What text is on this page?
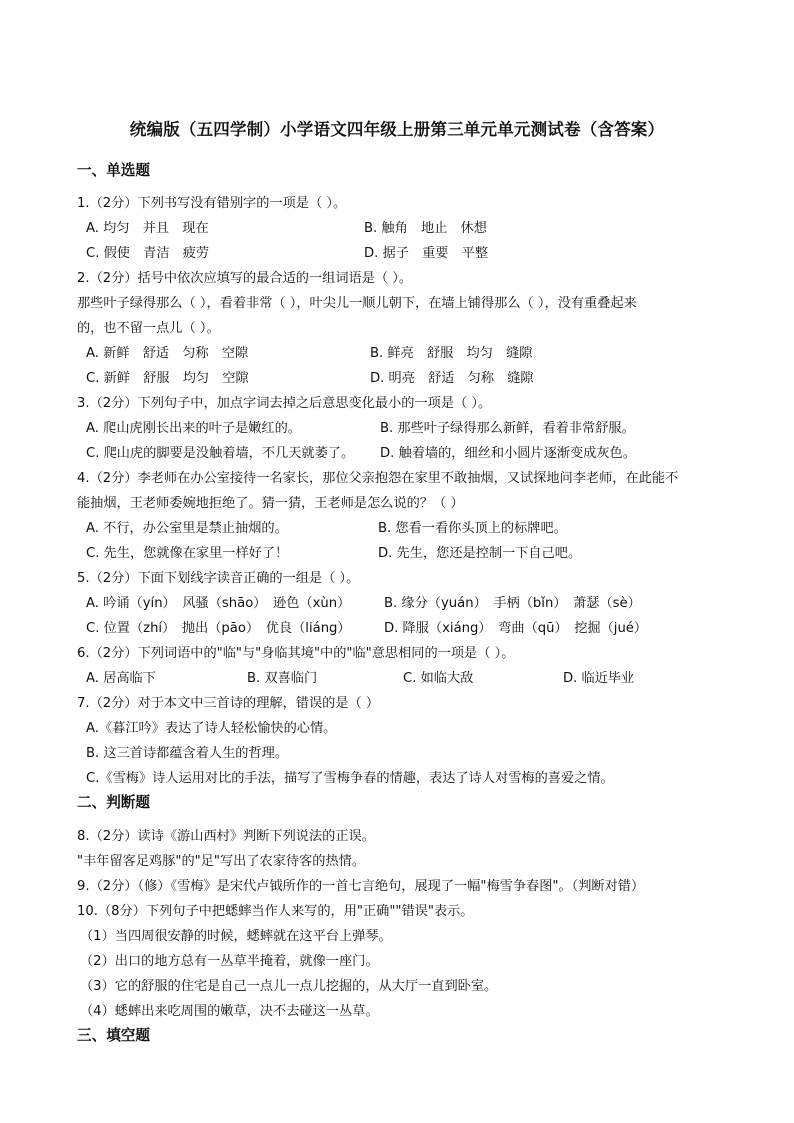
统编版（五四学制）小学语文四年级上册第三单元单元测试卷（含答案）
一、单选题
1.（2分）下列书写没有错别字的一项是（ ）。
A. 均匀　并且　现在	B. 触角　地止　休想
C. 假使　青洁　疲劳	D. 据子　重要　平整
2.（2分）括号中依次应填写的最合适的一组词语是（ ）。
那些叶子绿得那么（ ），看着非常（ ），叶尖儿一顺儿朝下，在墙上铺得那么（ ），没有重叠起来
的，也不留一点儿（ ）。
A. 新鲜　舒适　匀称　空隙	B. 鲜亮　舒服　均匀　缝隙
C. 新鲜　舒服　均匀　空隙	D. 明亮　舒适　匀称　缝隙
3.（2分）下列句子中，加点字词去掉之后意思变化最小的一项是（ ）。
A. 爬山虎刚长出来的叶子是嫩红的。	B. 那些叶子绿得那么新鲜，看着非常舒服。
C. 爬山虎的脚要是没触着墙，不几天就萎了。 D. 触着墙的，细丝和小圆片逐渐变成灰色。
4.（2分）李老师在办公室接待一名家长，那位父亲抱怨在家里不敢抽烟，又试探地问李老师，在此能不
能抽烟，王老师委婉地拒绝了。猜一猜，王老师是怎么说的？（ ）
A. 不行，办公室里是禁止抽烟的。	B. 您看一看你头顶上的标牌吧。
C. 先生，您就像在家里一样好了！	D. 先生，您还是控制一下自己吧。
5.（2分）下面下划线字读音正确的一组是（ ）。
A. 吟诵（yín）　风骚（shāo）　逊色（xùn）	B. 缘分（yuán）　手柄（bǐn）　萧瑟（sè）
C. 位置（zhí）　抛出（pāo）　优良（liáng）	D. 降服（xiáng）　弯曲（qū）　挖掘（jué）
6.（2分）下列词语中的"临"与"身临其境"中的"临"意思相同的一项是（ ）。
A. 居高临下	B. 双喜临门	C. 如临大敌	D. 临近毕业
7.（2分）对于本文中三首诗的理解，错误的是（ ）
A.《暮江吟》表达了诗人轻松愉快的心情。
B. 这三首诗都蕴含着人生的哲理。
C.《雪梅》诗人运用对比的手法，描写了雪梅争春的情趣，表达了诗人对雪梅的喜爱之情。
二、判断题
8.（2分）读诗《游山西村》判断下列说法的正误。
"丰年留客足鸡豚"的"足"写出了农家待客的热情。
9.（2分）（修）《雪梅》是宋代卢钺所作的一首七言绝句，展现了一幅"梅雪争春图"。（判断对错）
10.（8分）下列句子中把蟋蟀当作人来写的，用"正确""错误"表示。
（1）当四周很安静的时候，蟋蟀就在这平台上弹琴。
（2）出口的地方总有一丛草半掩着，就像一座门。
（3）它的舒服的住宅是自己一点儿一点儿挖掘的，从大厅一直到卧室。
（4）蟋蟀出来吃周围的嫩草，决不去碰这一丛草。
三、填空题
